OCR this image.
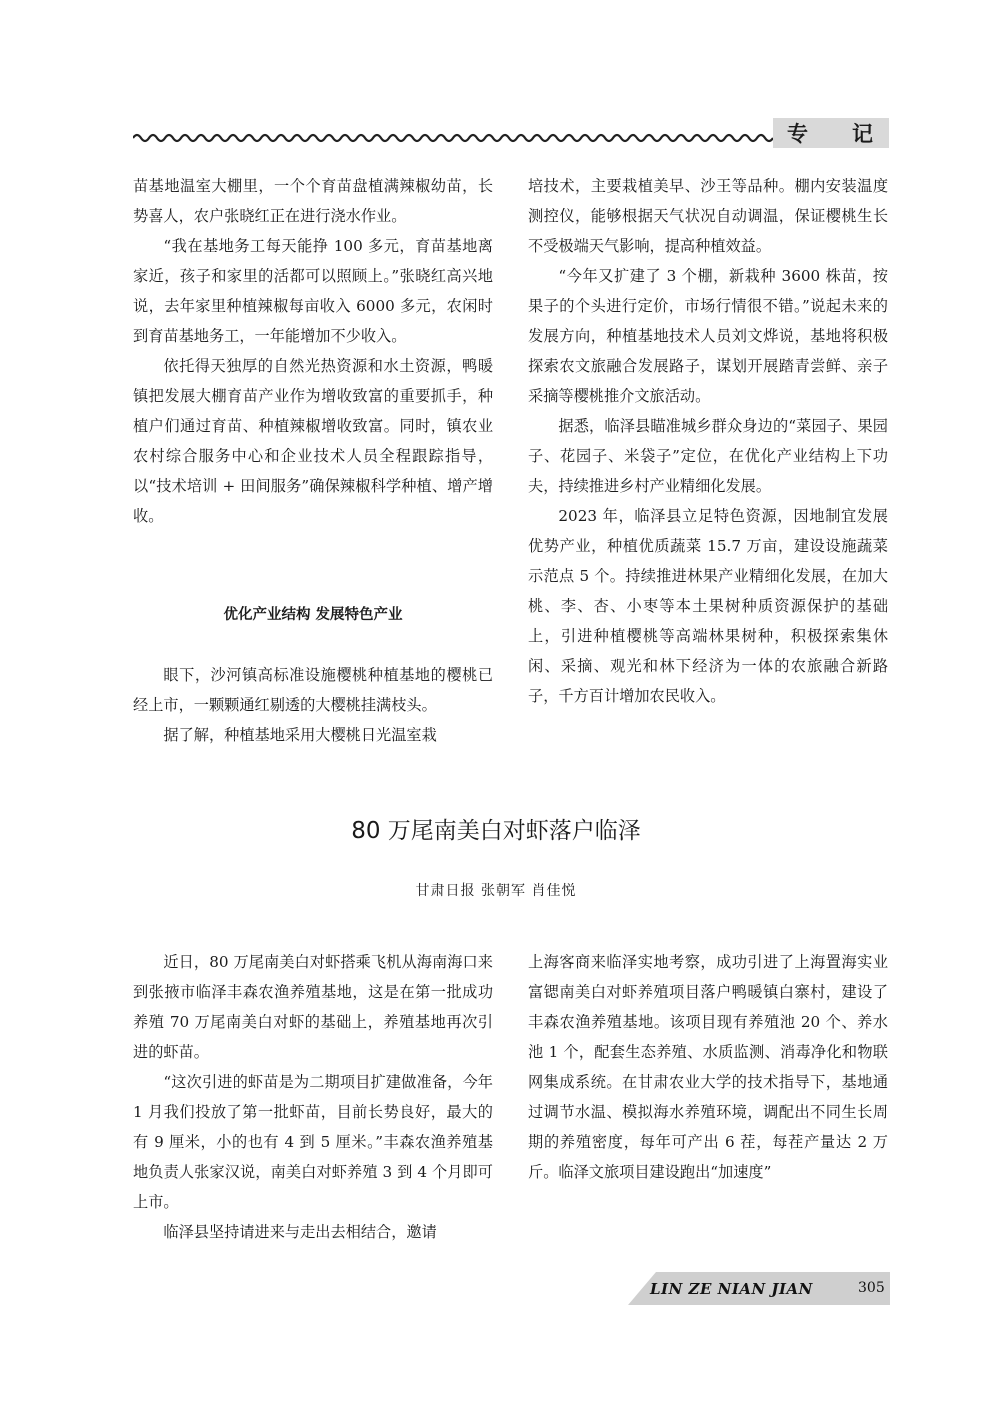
专 记

苗基地温室大棚里，一个个育苗盘植满辣椒幼苗，长势喜人，农户张晓红正在进行浇水作业。

“我在基地务工每天能挣 100 多元，育苗基地离家近，孩子和家里的活都可以照顾上。”张晓红高兴地说，去年家里种植辣椒每亩收入 6000 多元，农闲时到育苗基地务工，一年能增加不少收入。

依托得天独厚的自然光热资源和水土资源，鸭暖镇把发展大棚育苗产业作为增收致富的重要抓手，种植户们通过育苗、种植辣椒增收致富。同时，镇农业农村综合服务中心和企业技术人员全程跟踪指导，以“技术培训 + 田间服务”确保辣椒科学种植、增产增收。

优化产业结构 发展特色产业

眼下，沙河镇高标准设施樱桃种植基地的樱桃已经上市，一颗颗通红剔透的大樱桃挂满枝头。

据了解，种植基地采用大樱桃日光温室栽

培技术，主要栽植美早、沙王等品种。棚内安装温度测控仪，能够根据天气状况自动调温，保证樱桃生长不受极端天气影响，提高种植效益。

“今年又扩建了 3 个棚，新栽种 3600 株苗，按果子的个头进行定价，市场行情很不错。”说起未来的发展方向，种植基地技术人员刘文烨说，基地将积极探索农文旅融合发展路子，谋划开展踏青尝鲜、亲子采摘等樱桃推介文旅活动。

据悉，临泽县瞄准城乡群众身边的“菜园子、果园子、花园子、米袋子”定位，在优化产业结构上下功夫，持续推进乡村产业精细化发展。

2023 年，临泽县立足特色资源，因地制宜发展优势产业，种植优质蔬菜 15.7 万亩，建设设施蔬菜示范点 5 个。持续推进林果产业精细化发展，在加大桃、李、杏、小枣等本土果树种质资源保护的基础上，引进种植樱桃等高端林果树种，积极探索集休闲、采摘、观光和林下经济为一体的农旅融合新路子，千方百计增加农民收入。

80 万尾南美白对虾落户临泽
甘肃日报 张朝军 肖佳悦

近日，80 万尾南美白对虾搭乘飞机从海南海口来到张掖市临泽丰森农渔养殖基地，这是在第一批成功养殖 70 万尾南美白对虾的基础上，养殖基地再次引进的虾苗。

“这次引进的虾苗是为二期项目扩建做准备，今年 1 月我们投放了第一批虾苗，目前长势良好，最大的有 9 厘米，小的也有 4 到 5 厘米。”丰森农渔养殖基地负责人张家汉说，南美白对虾养殖 3 到 4 个月即可上市。

临泽县坚持请进来与走出去相结合，邀请

上海客商来临泽实地考察，成功引进了上海置海实业富锶南美白对虾养殖项目落户鸭暖镇白寨村，建设了丰森农渔养殖基地。该项目现有养殖池 20 个、养水池 1 个，配套生态养殖、水质监测、消毒净化和物联网集成系统。在甘肃农业大学的技术指导下，基地通过调节水温、模拟海水养殖环境，调配出不同生长周期的养殖密度，每年可产出 6 茬，每茬产量达 2 万斤。临泽文旅项目建设跑出“加速度”

LIN ZE NIAN JIAN	305
